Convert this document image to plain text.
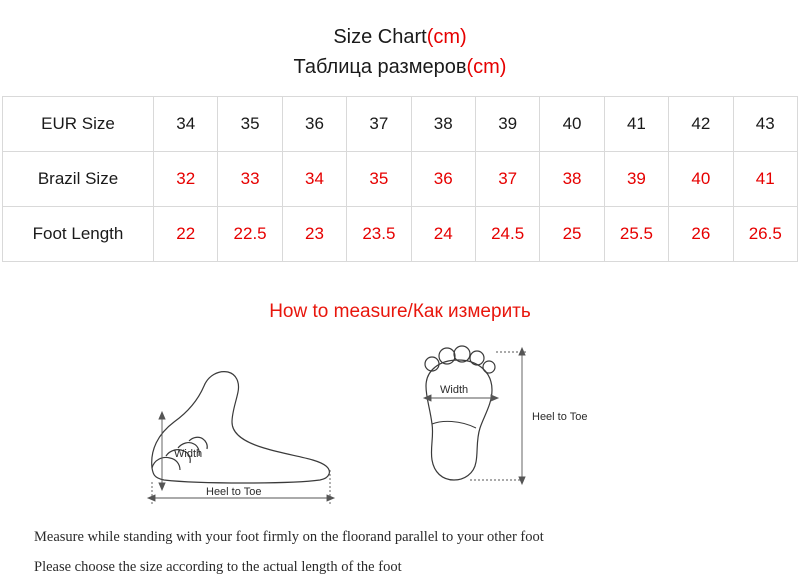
Size Chart(cm)
Таблица размеров(cm)
EUR Size	34	35	36	37	38	39	40	41	42	43
Brazil Size	32	33	34	35	36	37	38	39	40	41
Foot Length	22	22.5	23	23.5	24	24.5	25	25.5	26	26.5
How to measure/Как измерить
Width
Heel to Toe
Width
Heel to Toe
Measure while standing with your foot firmly on the floorand parallel to your other foot
Please choose the size according to the actual length of the foot
